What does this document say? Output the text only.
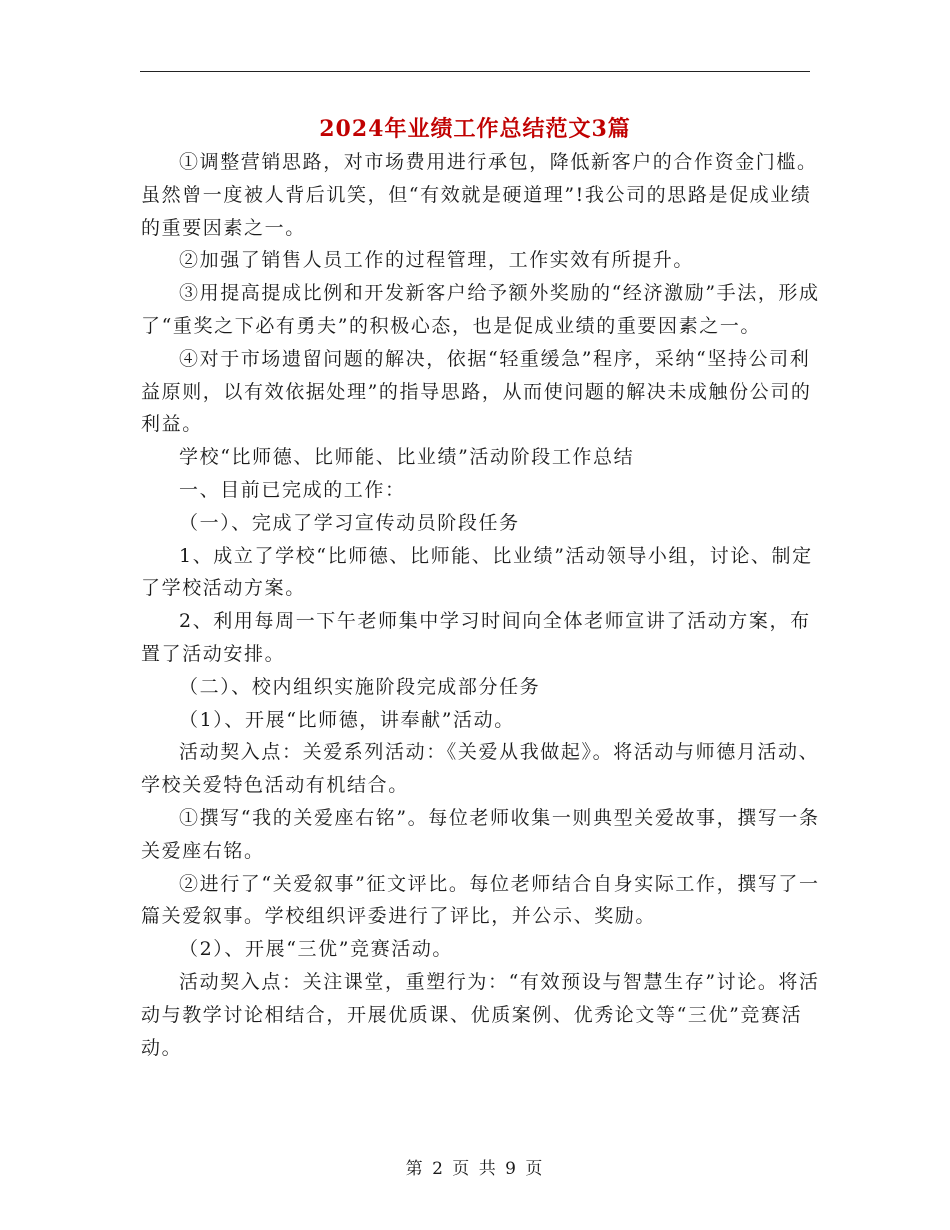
2024年业绩工作总结范文3篇

①调整营销思路，对市场费用进行承包，降低新客户的合作资金门槛。虽然曾一度被人背后讥笑，但“有效就是硬道理”!我公司的思路是促成业绩的重要因素之一。

②加强了销售人员工作的过程管理，工作实效有所提升。

③用提高提成比例和开发新客户给予额外奖励的“经济激励”手法，形成了“重奖之下必有勇夫”的积极心态，也是促成业绩的重要因素之一。

④对于市场遗留问题的解决，依据“轻重缓急”程序，采纳“坚持公司利益原则，以有效依据处理”的指导思路，从而使问题的解决未成触份公司的利益。

学校“比师德、比师能、比业绩”活动阶段工作总结

一、目前已完成的工作：

（一）、完成了学习宣传动员阶段任务

1、成立了学校“比师德、比师能、比业绩”活动领导小组，讨论、制定了学校活动方案。

2、利用每周一下午老师集中学习时间向全体老师宣讲了活动方案，布置了活动安排。

（二）、校内组织实施阶段完成部分任务

（1）、开展“比师德，讲奉献”活动。

活动契入点：关爱系列活动：《关爱从我做起》。将活动与师德月活动、学校关爱特色活动有机结合。

①撰写“我的关爱座右铭”。每位老师收集一则典型关爱故事，撰写一条关爱座右铭。

②进行了“关爱叙事”征文评比。每位老师结合自身实际工作，撰写了一篇关爱叙事。学校组织评委进行了评比，并公示、奖励。

（2）、开展“三优”竞赛活动。

活动契入点：关注课堂，重塑行为：“有效预设与智慧生存”讨论。将活动与教学讨论相结合，开展优质课、优质案例、优秀论文等“三优”竞赛活动。

第 2 页 共 9 页
